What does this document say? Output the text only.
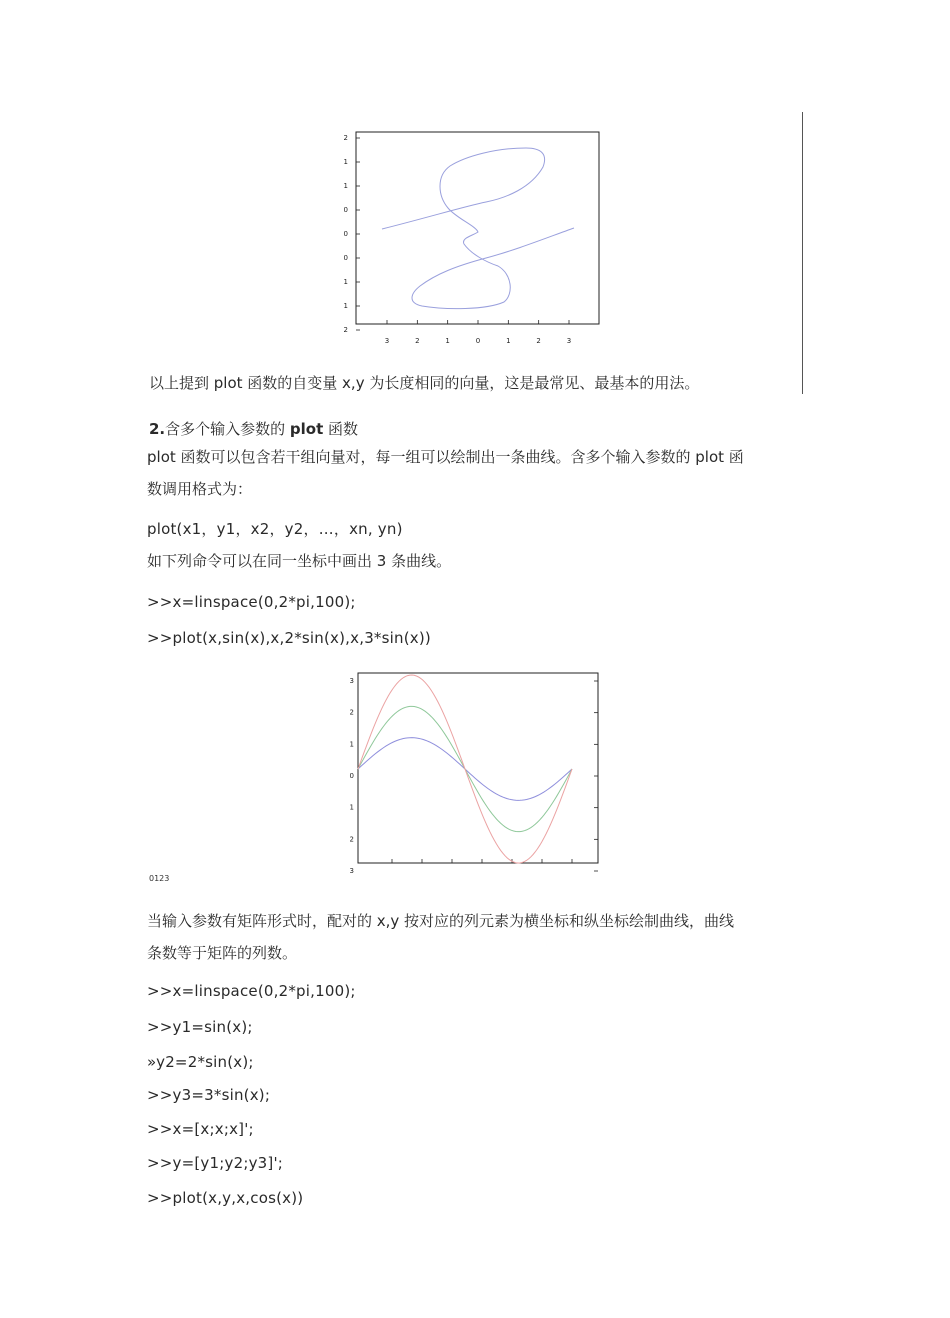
2
1
1
0
0
0
1
1
2
3	2	1	0	1	2	3
以上提到 plot 函数的自变量 x,y 为长度相同的向量，这是最常见、最基本的用法。
2.含多个输入参数的 plot 函数
plot 函数可以包含若干组向量对，每一组可以绘制出一条曲线。含多个输入参数的 plot 函
数调用格式为：
plot(x1，y1，x2，y2，…，xn, yn)
如下列命令可以在同一坐标中画出 3 条曲线。
>>x=linspace(0,2*pi,100);
>>plot(x,sin(x),x,2*sin(x),x,3*sin(x))
3
2
1
0
1
2
3
0123
当输入参数有矩阵形式时，配对的 x,y 按对应的列元素为横坐标和纵坐标绘制曲线，曲线
条数等于矩阵的列数。
>>x=linspace(0,2*pi,100);
>>y1=sin(x);
»y2=2*sin(x);
>>y3=3*sin(x);
>>x=[x;x;x]';
>>y=[y1;y2;y3]';
>>plot(x,y,x,cos(x))
